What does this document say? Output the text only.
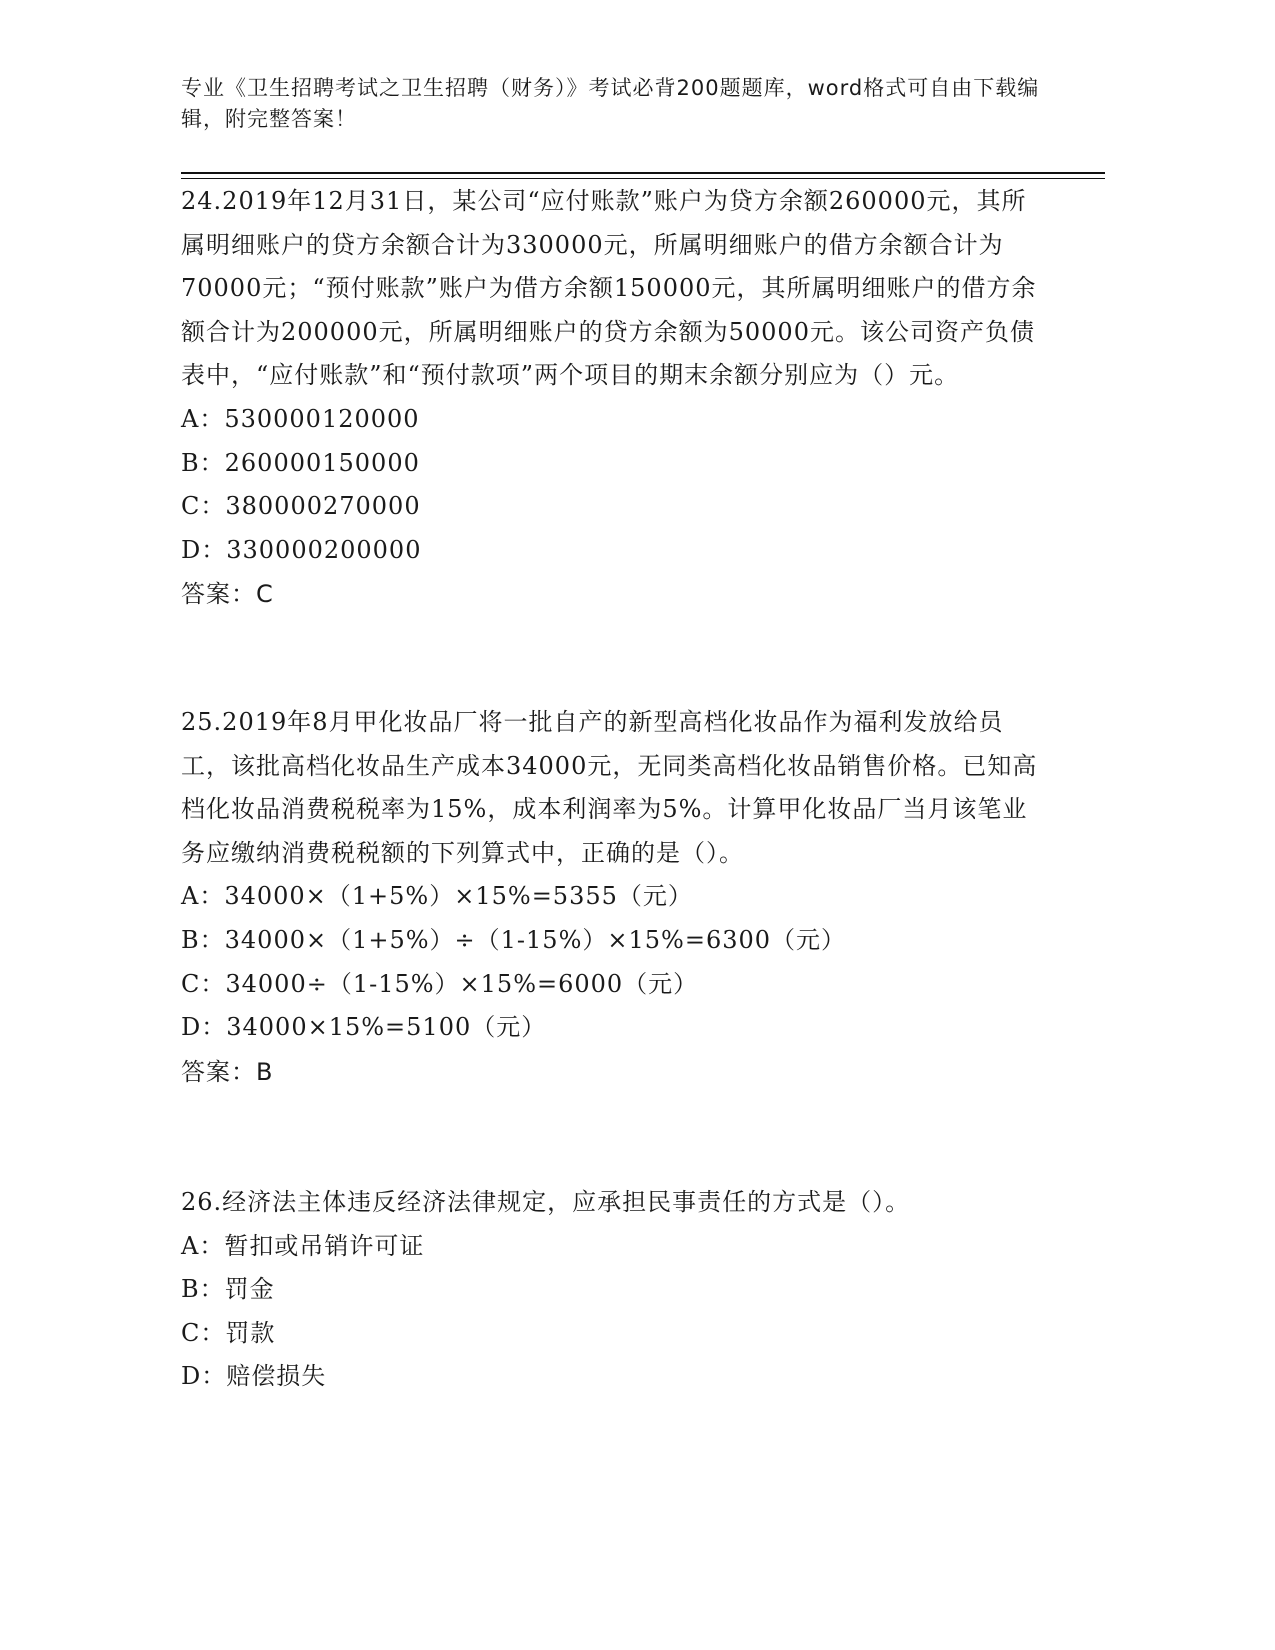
专业《卫生招聘考试之卫生招聘（财务）》考试必背200题题库，word格式可自由下载编辑，附完整答案！

24.2019年12月31日，某公司“应付账款”账户为贷方余额260000元，其所属明细账户的贷方余额合计为330000元，所属明细账户的借方余额合计为70000元；“预付账款”账户为借方余额150000元，其所属明细账户的借方余额合计为200000元，所属明细账户的贷方余额为50000元。该公司资产负债表中，“应付账款”和“预付款项”两个项目的期末余额分别应为（）元。

A：530000120000
B：260000150000
C：380000270000
D：330000200000
答案：C

25.2019年8月甲化妆品厂将一批自产的新型高档化妆品作为福利发放给员工，该批高档化妆品生产成本34000元，无同类高档化妆品销售价格。已知高档化妆品消费税税率为15%，成本利润率为5%。计算甲化妆品厂当月该笔业务应缴纳消费税税额的下列算式中，正确的是（）。

A：34000×（1+5%）×15%=5355（元）
B：34000×（1+5%）÷（1-15%）×15%=6300（元）
C：34000÷（1-15%）×15%=6000（元）
D：34000×15%=5100（元）
答案：B

26.经济法主体违反经济法律规定，应承担民事责任的方式是（）。

A：暂扣或吊销许可证
B：罚金
C：罚款
D：赔偿损失
